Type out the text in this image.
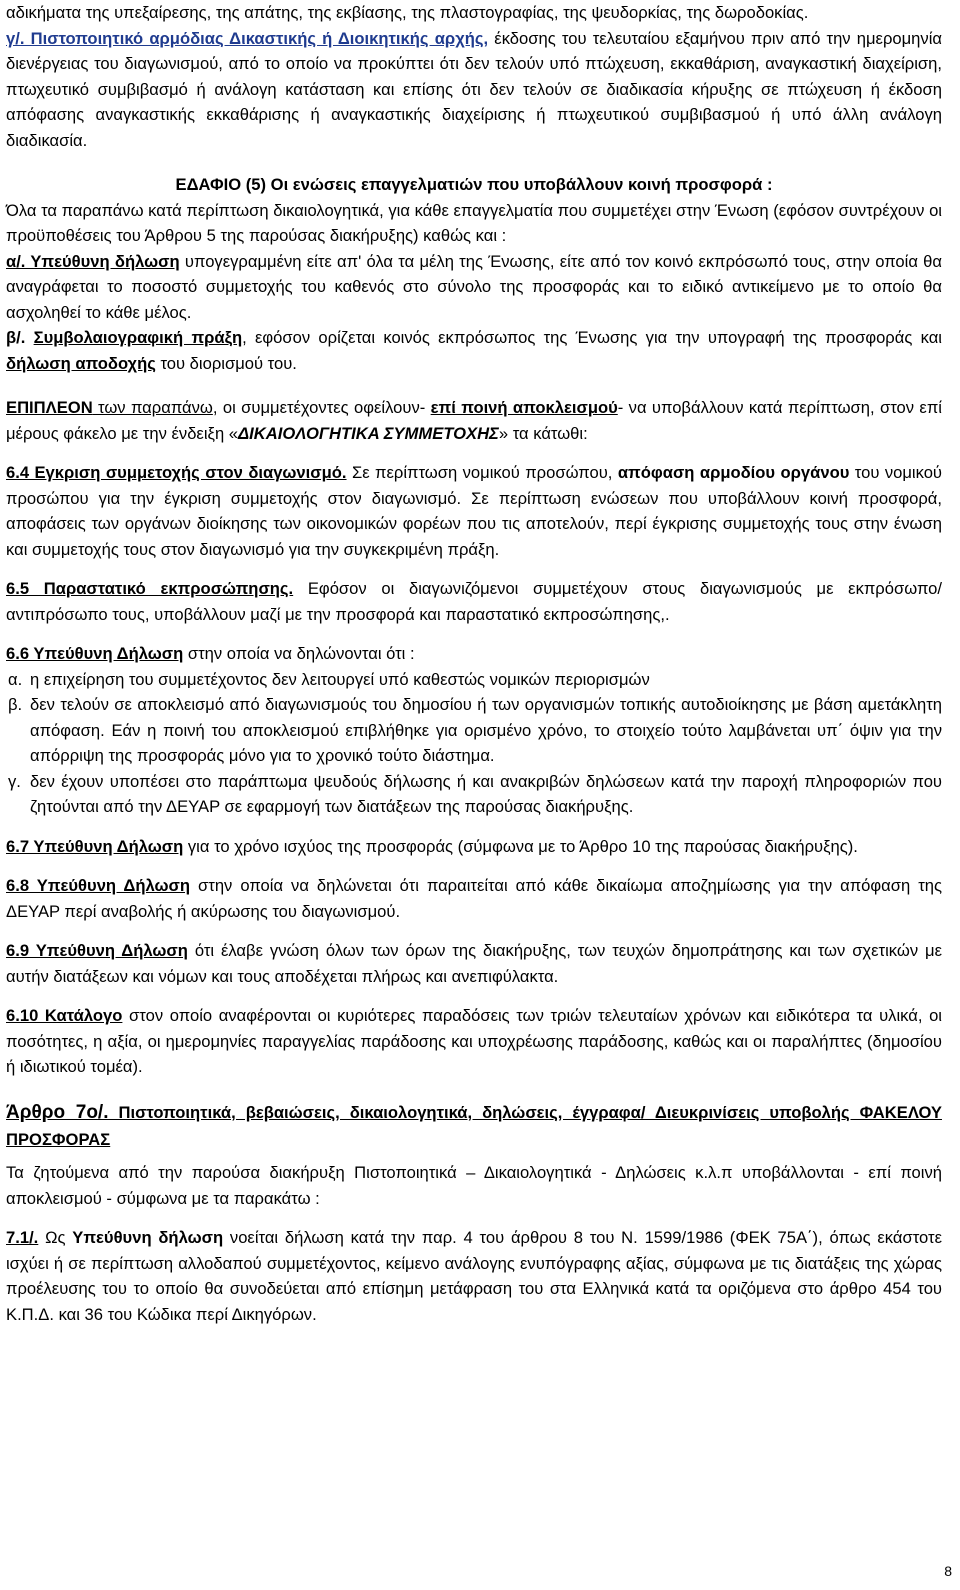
αδικήματα της υπεξαίρεσης, της απάτης, της εκβίασης, της πλαστογραφίας, της ψευδορκίας, της δωροδοκίας.

γ/. Πιστοποιητικό αρμόδιας Δικαστικής ή Διοικητικής αρχής, έκδοσης του τελευταίου εξαμήνου πριν από την ημερομηνία διενέργειας του διαγωνισμού, από το οποίο να προκύπτει ότι δεν τελούν υπό πτώχευση, εκκαθάριση, αναγκαστική διαχείριση, πτωχευτικό συμβιβασμό ή ανάλογη κατάσταση και επίσης ότι δεν τελούν σε διαδικασία κήρυξης σε πτώχευση ή έκδοση απόφασης αναγκαστικής εκκαθάρισης ή αναγκαστικής διαχείρισης ή πτωχευτικού συμβιβασμού ή υπό άλλη ανάλογη διαδικασία.

ΕΔΑΦΙΟ (5) Οι ενώσεις επαγγελματιών που υποβάλλουν κοινή προσφορά :

Όλα τα παραπάνω κατά περίπτωση δικαιολογητικά, για κάθε επαγγελματία που συμμετέχει στην Ένωση (εφόσον συντρέχουν οι προϋποθέσεις του Άρθρου 5 της παρούσας διακήρυξης) καθώς και :

α/. Υπεύθυνη δήλωση υπογεγραμμένη είτε απ' όλα τα μέλη της Ένωσης, είτε από τον κοινό εκπρόσωπό τους, στην οποία θα αναγράφεται το ποσοστό συμμετοχής του καθενός στο σύνολο της προσφοράς και το ειδικό αντικείμενο με το οποίο θα ασχοληθεί το κάθε μέλος.

β/. Συμβολαιογραφική πράξη, εφόσον ορίζεται κοινός εκπρόσωπος της Ένωσης για την υπογραφή της προσφοράς και δήλωση αποδοχής του διορισμού του.

ΕΠΙΠΛΕΟΝ των παραπάνω, οι συμμετέχοντες οφείλουν- επί ποινή αποκλεισμού- να υποβάλλουν κατά περίπτωση, στον επί μέρους φάκελο με την ένδειξη «ΔΙΚΑΙΟΛΟΓΗΤΙΚΑ ΣΥΜΜΕΤΟΧΗΣ» τα κάτωθι:

6.4 Εγκριση συμμετοχής στον διαγωνισμό. Σε περίπτωση νομικού προσώπου, απόφαση αρμοδίου οργάνου του νομικού προσώπου για την έγκριση συμμετοχής στον διαγωνισμό. Σε περίπτωση ενώσεων που υποβάλλουν κοινή προσφορά, αποφάσεις των οργάνων διοίκησης των οικονομικών φορέων που τις αποτελούν, περί έγκρισης συμμετοχής τους στην ένωση και συμμετοχής τους στον διαγωνισμό για την συγκεκριμένη πράξη.

6.5 Παραστατικό εκπροσώπησης. Εφόσον οι διαγωνιζόμενοι συμμετέχουν στους διαγωνισμούς με εκπρόσωπο/αντιπρόσωπο τους, υποβάλλουν μαζί με την προσφορά και παραστατικό εκπροσώπησης,.

6.6 Υπεύθυνη Δήλωση στην οποία να δηλώνονται ότι :

α. η επιχείρηση του συμμετέχοντος δεν λειτουργεί υπό καθεστώς νομικών περιορισμών
β. δεν τελούν σε αποκλεισμό από διαγωνισμούς του δημοσίου ή των οργανισμών τοπικής αυτοδιοίκησης με βάση αμετάκλητη απόφαση. Εάν η ποινή του αποκλεισμού επιβλήθηκε για ορισμένο χρόνο, το στοιχείο τούτο λαμβάνεται υπ΄ όψιν για την απόρριψη της προσφοράς μόνο για το χρονικό τούτο διάστημα.
γ. δεν έχουν υποπέσει στο παράπτωμα ψευδούς δήλωσης ή και ανακριβών δηλώσεων κατά την παροχή πληροφοριών που ζητούνται από την ΔΕΥΑΡ σε εφαρμογή των διατάξεων της παρούσας διακήρυξης.

6.7 Υπεύθυνη Δήλωση για το χρόνο ισχύος της προσφοράς (σύμφωνα με το Άρθρο 10 της παρούσας διακήρυξης).

6.8 Υπεύθυνη Δήλωση στην οποία να δηλώνεται ότι παραιτείται από κάθε δικαίωμα αποζημίωσης για την απόφαση της ΔΕΥΑΡ περί αναβολής ή ακύρωσης του διαγωνισμού.

6.9 Υπεύθυνη Δήλωση ότι έλαβε γνώση όλων των όρων της διακήρυξης, των τευχών δημοπράτησης και των σχετικών με αυτήν διατάξεων και νόμων και τους αποδέχεται πλήρως και ανεπιφύλακτα.

6.10 Κατάλογο στον οποίο αναφέρονται οι κυριότερες παραδόσεις των τριών τελευταίων χρόνων και ειδικότερα τα υλικά, οι ποσότητες, η αξία, οι ημερομηνίες παραγγελίας παράδοσης και υποχρέωσης παράδοσης, καθώς και οι παραλήπτες (δημοσίου ή ιδιωτικού τομέα).

Άρθρο 7ο/. Πιστοποιητικά, βεβαιώσεις, δικαιολογητικά, δηλώσεις, έγγραφα/ Διευκρινίσεις υποβολής ΦΑΚΕΛΟΥ ΠΡΟΣΦΟΡΑΣ

Τα ζητούμενα από την παρούσα διακήρυξη Πιστοποιητικά – Δικαιολογητικά - Δηλώσεις κ.λ.π υποβάλλονται - επί ποινή αποκλεισμού - σύμφωνα με τα παρακάτω :

7.1/. Ως Υπεύθυνη δήλωση νοείται δήλωση κατά την παρ. 4 του άρθρου 8 του Ν. 1599/1986 (ΦΕΚ 75Α΄), όπως εκάστοτε ισχύει ή σε περίπτωση αλλοδαπού συμμετέχοντος, κείμενο ανάλογης ενυπόγραφης αξίας, σύμφωνα με τις διατάξεις της χώρας προέλευσης του το οποίο θα συνοδεύεται από επίσημη μετάφραση του στα Ελληνικά κατά τα οριζόμενα στο άρθρο 454 του Κ.Π.Δ. και 36 του Κώδικα περί Δικηγόρων.

8
